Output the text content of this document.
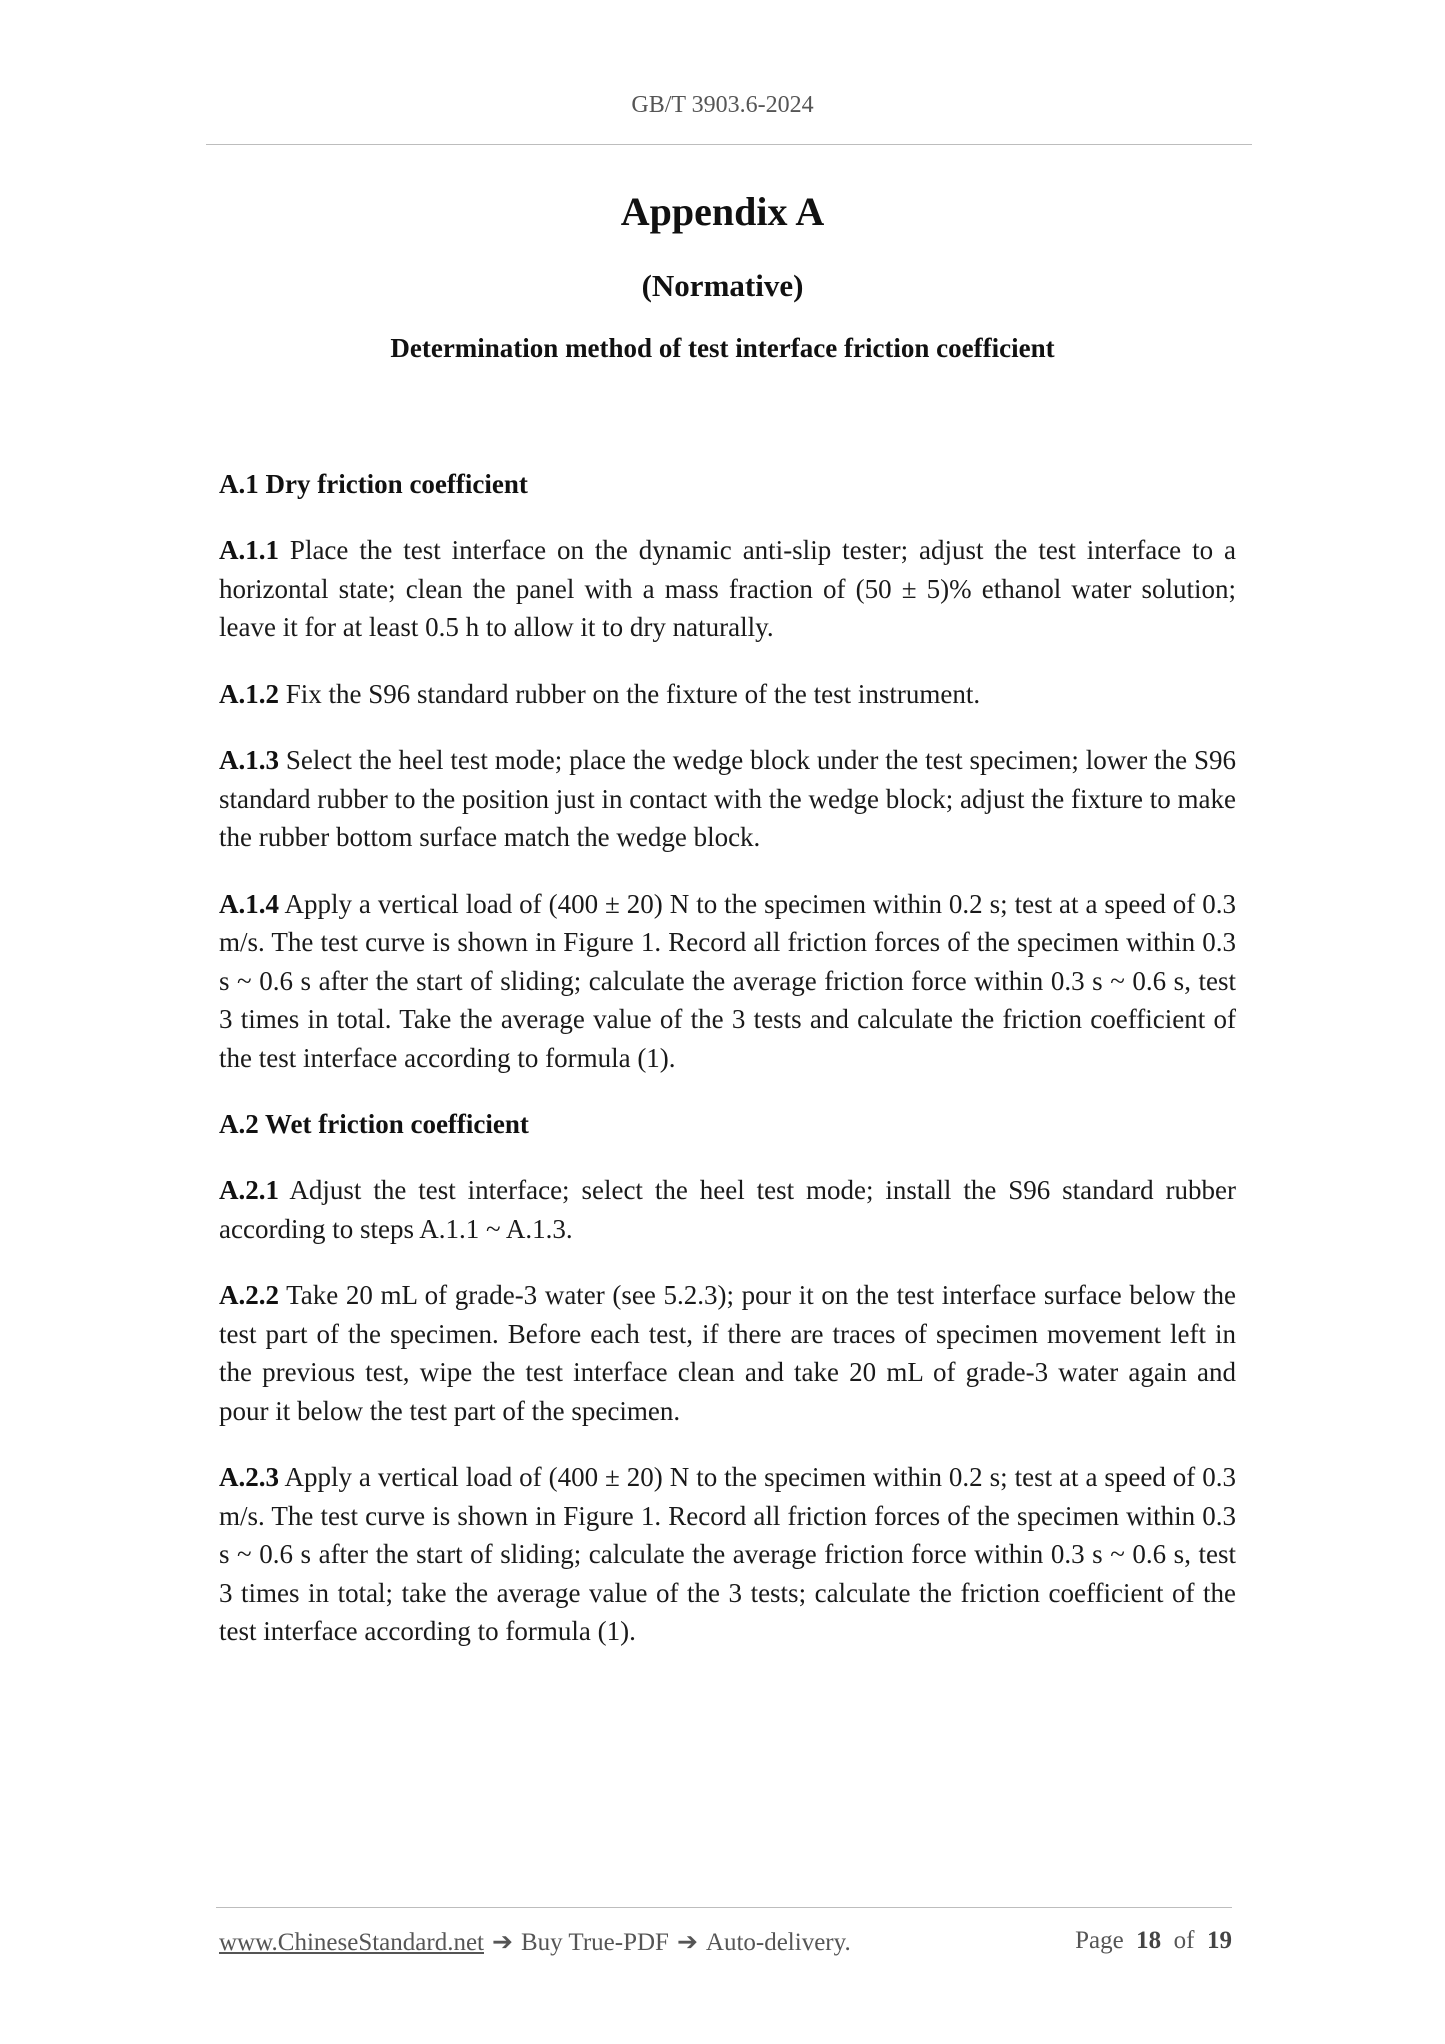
GB/T 3903.6-2024
Appendix A
(Normative)
Determination method of test interface friction coefficient
A.1 Dry friction coefficient

A.1.1 Place the test interface on the dynamic anti-slip tester; adjust the test interface to a horizontal state; clean the panel with a mass fraction of (50 ± 5)% ethanol water solution; leave it for at least 0.5 h to allow it to dry naturally.

A.1.2 Fix the S96 standard rubber on the fixture of the test instrument.

A.1.3 Select the heel test mode; place the wedge block under the test specimen; lower the S96 standard rubber to the position just in contact with the wedge block; adjust the fixture to make the rubber bottom surface match the wedge block.

A.1.4 Apply a vertical load of (400 ± 20) N to the specimen within 0.2 s; test at a speed of 0.3 m/s. The test curve is shown in Figure 1. Record all friction forces of the specimen within 0.3 s ~ 0.6 s after the start of sliding; calculate the average friction force within 0.3 s ~ 0.6 s, test 3 times in total. Take the average value of the 3 tests and calculate the friction coefficient of the test interface according to formula (1).

A.2 Wet friction coefficient

A.2.1 Adjust the test interface; select the heel test mode; install the S96 standard rubber according to steps A.1.1 ~ A.1.3.

A.2.2 Take 20 mL of grade-3 water (see 5.2.3); pour it on the test interface surface below the test part of the specimen. Before each test, if there are traces of specimen movement left in the previous test, wipe the test interface clean and take 20 mL of grade-3 water again and pour it below the test part of the specimen.

A.2.3 Apply a vertical load of (400 ± 20) N to the specimen within 0.2 s; test at a speed of 0.3 m/s. The test curve is shown in Figure 1. Record all friction forces of the specimen within 0.3 s ~ 0.6 s after the start of sliding; calculate the average friction force within 0.3 s ~ 0.6 s, test 3 times in total; take the average value of the 3 tests; calculate the friction coefficient of the test interface according to formula (1).

www.ChineseStandard.net ➔ Buy True-PDF ➔ Auto-delivery.	Page 18 of 19
